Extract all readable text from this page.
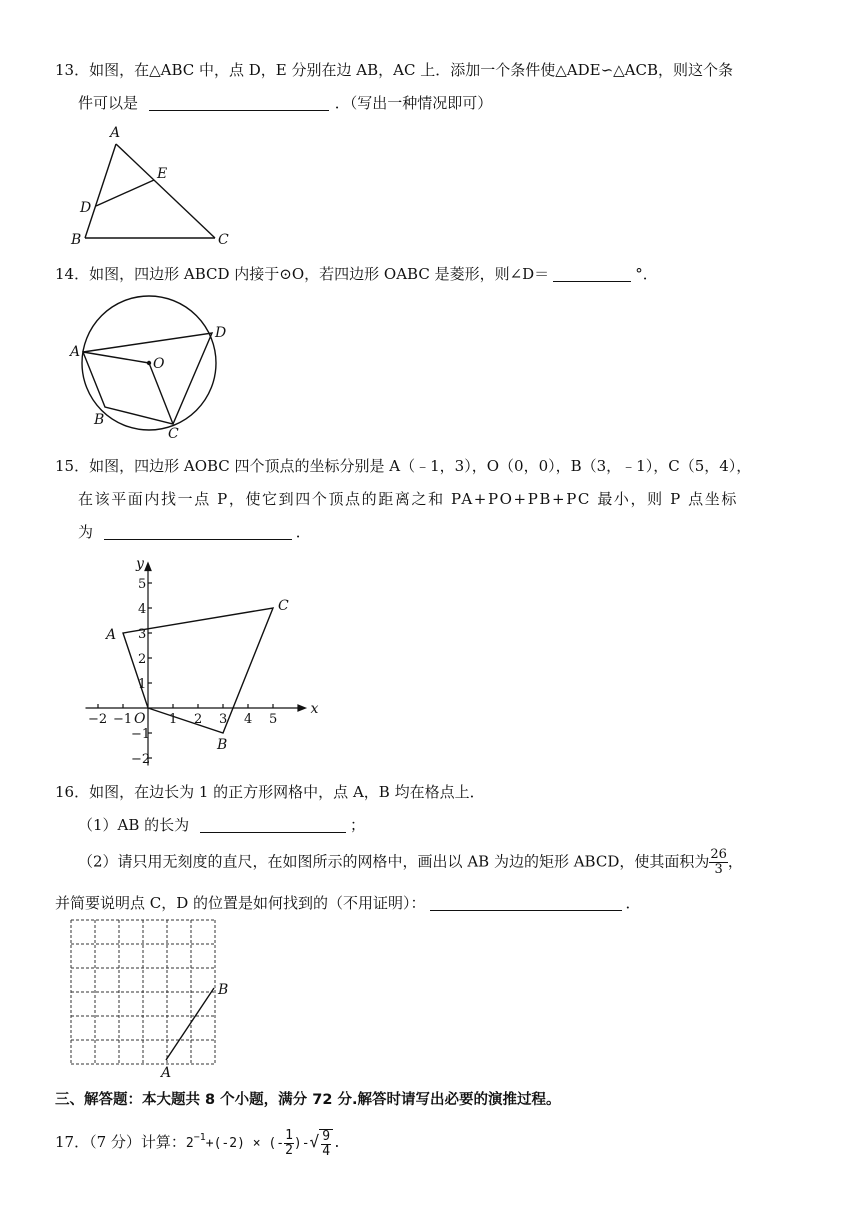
13．如图，在△ABC 中，点 D，E 分别在边 AB，AC 上．添加一个条件使△ADE∽△ACB，则这个条
件可以是	．（写出一种情况即可）
A
E
D
B	C
14．如图，四边形 ABCD 内接于⊙O，若四边形 OABC 是菱形，则∠D＝	°．
A
D
O
B
C
15．如图，四边形 AOBC 四个顶点的坐标分别是 A（﹣1，3），O（0，0），B（3，﹣1），C（5，4），
在该平面内找一点 P，使它到四个顶点的距离之和 PA+PO+PB+PC 最小，则 P 点坐标
为	．
−2 −1	1 2 3 4 5
5
4
3
2
1
−1
−2
x
y
O
A
B
C
16．如图，在边长为 1 的正方形网格中，点 A，B 均在格点上．
（1）AB 的长为	；
（2）请只用无刻度的直尺，在如图所示的网格中，画出以 AB 为边的矩形 ABCD，使其面积为 $\frac{26}{3}$ ，
并简要说明点 C，D 的位置是如何找到的（不用证明）：	．
B
A
三、解答题：本大题共 8 个小题，满分 72 分.解答时请写出必要的演推过程。
17．（7 分）计算：$2^{-1}+(-2)$ × (- $\frac{1}{2}$ )-√ $\frac{9}{4}$ .
